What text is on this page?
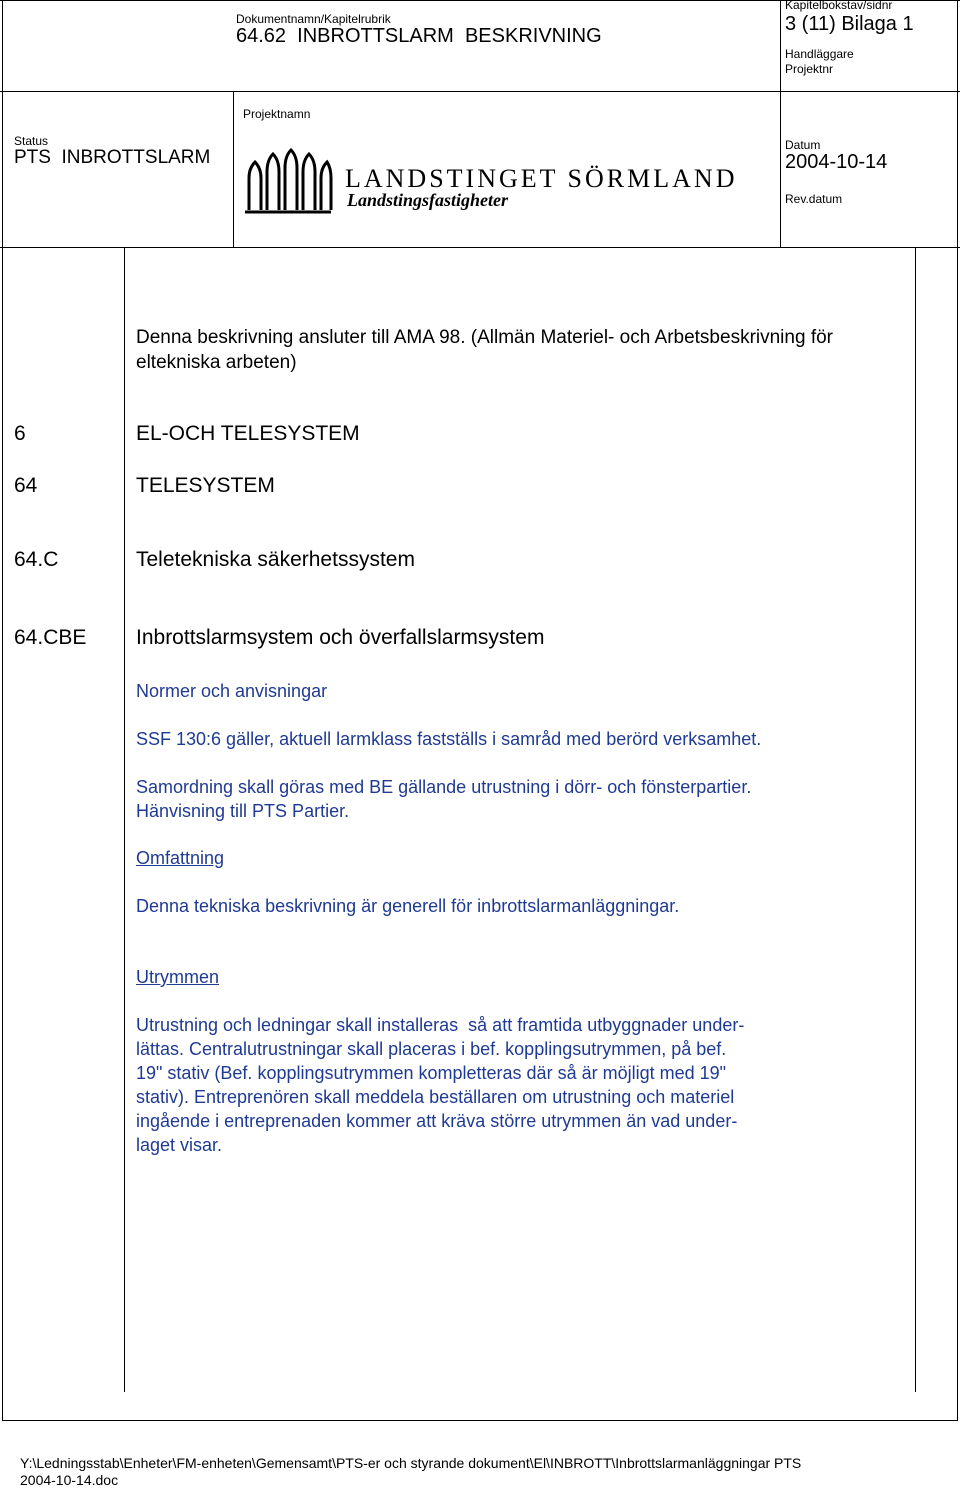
Dokumentnamn/Kapitelrubrik
64.62  INBROTTSLARM  BESKRIVNING
Kapitelbokstav/sidnr
3 (11) Bilaga 1
Handläggare
Projektnr
Projektnamn
Status
PTS  INBROTTSLARM
Datum
2004-10-14
Rev.datum
LANDSTINGET SÖRMLAND
Landstingsfastigheter
Denna beskrivning ansluter till AMA 98. (Allmän Materiel- och Arbetsbeskrivning för
eltekniska arbeten)
6	EL-OCH TELESYSTEM
64	TELESYSTEM
64.C	Teletekniska säkerhetssystem
64.CBE Inbrottslarmsystem och överfallslarmsystem
Normer och anvisningar
SSF 130:6 gäller, aktuell larmklass fastställs i samråd med berörd verksamhet.
Samordning skall göras med BE gällande utrustning i dörr- och fönsterpartier.
Hänvisning till PTS Partier.
Omfattning
Denna tekniska beskrivning är generell för inbrottslarmanläggningar.
Utrymmen
Utrustning och ledningar skall installeras  så att framtida utbyggnader under-
lättas. Centralutrustningar skall placeras i bef. kopplingsutrymmen, på bef.
19" stativ (Bef. kopplingsutrymmen kompletteras där så är möjligt med 19"
stativ). Entreprenören skall meddela beställaren om utrustning och materiel
ingående i entreprenaden kommer att kräva större utrymmen än vad under-
laget visar.
Y:\Ledningsstab\Enheter\FM-enheten\Gemensamt\PTS-er och styrande dokument\El\INBROTT\Inbrottslarmanläggningar PTS
2004-10-14.doc
